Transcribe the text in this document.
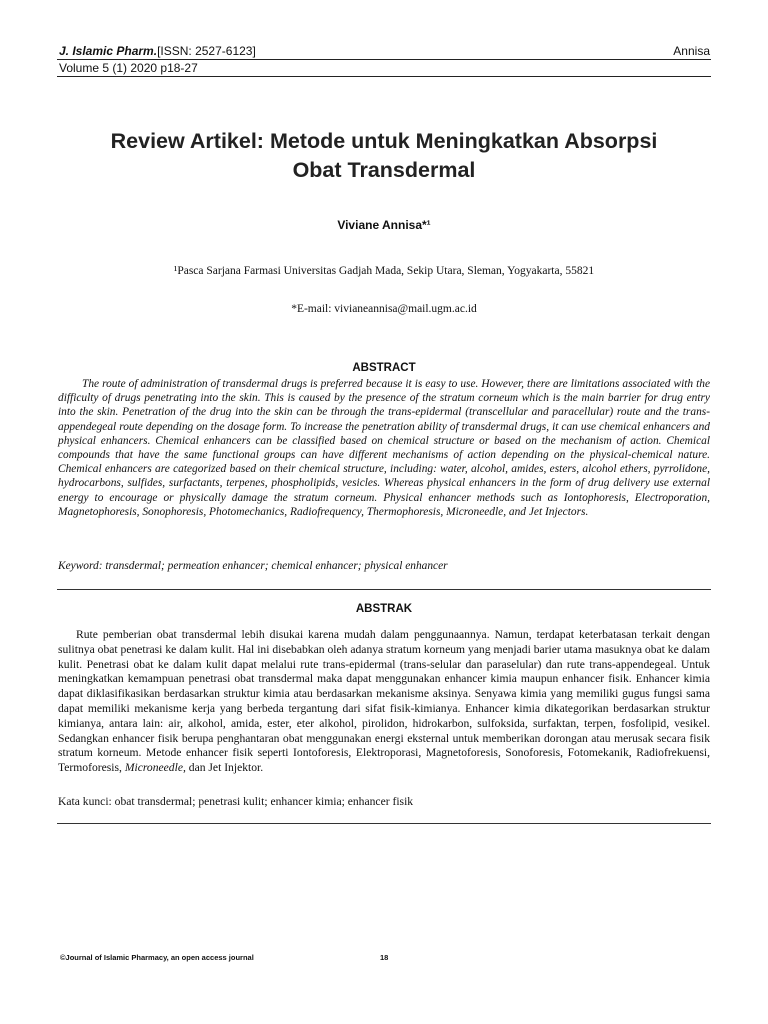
J. Islamic Pharm.[ISSN: 2527-6123]	Annisa
Volume 5 (1) 2020 p18-27
Review Artikel: Metode untuk Meningkatkan Absorpsi
Obat Transdermal
Viviane Annisa*¹
¹Pasca Sarjana Farmasi Universitas Gadjah Mada, Sekip Utara, Sleman, Yogyakarta, 55821
*E-mail: vivianeannisa@mail.ugm.ac.id
ABSTRACT

The route of administration of transdermal drugs is preferred because it is easy to use. However, there are limitations associated with the difficulty of drugs penetrating into the skin. This is caused by the presence of the stratum corneum which is the main barrier for drug entry into the skin. Penetration of the drug into the skin can be through the trans-epidermal (transcellular and paracellular) route and the trans-appendegeal route depending on the dosage form. To increase the penetration ability of transdermal drugs, it can use chemical enhancers and physical enhancers. Chemical enhancers can be classified based on chemical structure or based on the mechanism of action. Chemical compounds that have the same functional groups can have different mechanisms of action depending on the physical-chemical nature. Chemical enhancers are categorized based on their chemical structure, including: water, alcohol, amides, esters, alcohol ethers, pyrrolidone, hydrocarbons, sulfides, surfactants, terpenes, phospholipids, vesicles. Whereas physical enhancers in the form of drug delivery use external energy to encourage or physically damage the stratum corneum. Physical enhancer methods such as Iontophoresis, Electroporation, Magnetophoresis, Sonophoresis, Photomechanics, Radiofrequency, Thermophoresis, Microneedle, and Jet Injectors.

Keyword: transdermal; permeation enhancer; chemical enhancer; physical enhancer
ABSTRAK

Rute pemberian obat transdermal lebih disukai karena mudah dalam penggunaannya. Namun, terdapat keterbatasan terkait dengan sulitnya obat penetrasi ke dalam kulit. Hal ini disebabkan oleh adanya stratum korneum yang menjadi barier utama masuknya obat ke dalam kulit. Penetrasi obat ke dalam kulit dapat melalui rute trans-epidermal (trans-selular dan paraselular) dan rute trans-appendegeal. Untuk meningkatkan kemampuan penetrasi obat transdermal maka dapat menggunakan enhancer kimia maupun enhancer fisik. Enhancer kimia dapat diklasifikasikan berdasarkan struktur kimia atau berdasarkan mekanisme aksinya. Senyawa kimia yang memiliki gugus fungsi sama dapat memiliki mekanisme kerja yang berbeda tergantung dari sifat fisik-kimianya. Enhancer kimia dikategorikan berdasarkan struktur kimianya, antara lain: air, alkohol, amida, ester, eter alkohol, pirolidon, hidrokarbon, sulfoksida, surfaktan, terpen, fosfolipid, vesikel. Sedangkan enhancer fisik berupa penghantaran obat menggunakan energi eksternal untuk memberikan dorongan atau merusak secara fisik stratum korneum. Metode enhancer fisik seperti Iontoforesis, Elektroporasi, Magnetoforesis, Sonoforesis, Fotomekanik, Radiofrekuensi, Termoforesis, Microneedle, dan Jet Injektor.

Kata kunci: obat transdermal; penetrasi kulit; enhancer kimia; enhancer fisik
©Journal of Islamic Pharmacy, an open access journal	18
